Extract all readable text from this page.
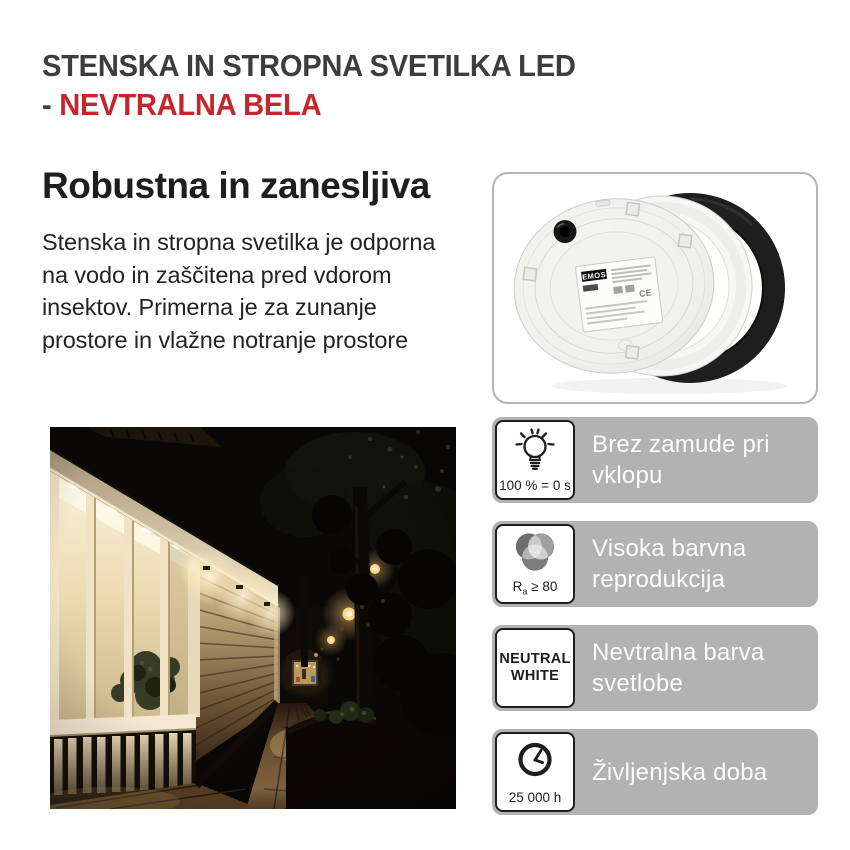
STENSKA IN STROPNA SVETILKA LED
- NEVTRALNA BELA
Robustna in zanesljiva

Stenska in stropna svetilka je odporna na vodo in zaščitena pred vdorom insektov. Primerna je za zunanje prostore in vlažne notranje prostore

EMOS
CE
100 % = 0 s
Brez zamude pri vklopu
$R_a \ge 80$
Visoka barvna reprodukcija
NEUTRAL
WHITE
Nevtralna barva svetlobe
25 000 h
Življenjska doba
